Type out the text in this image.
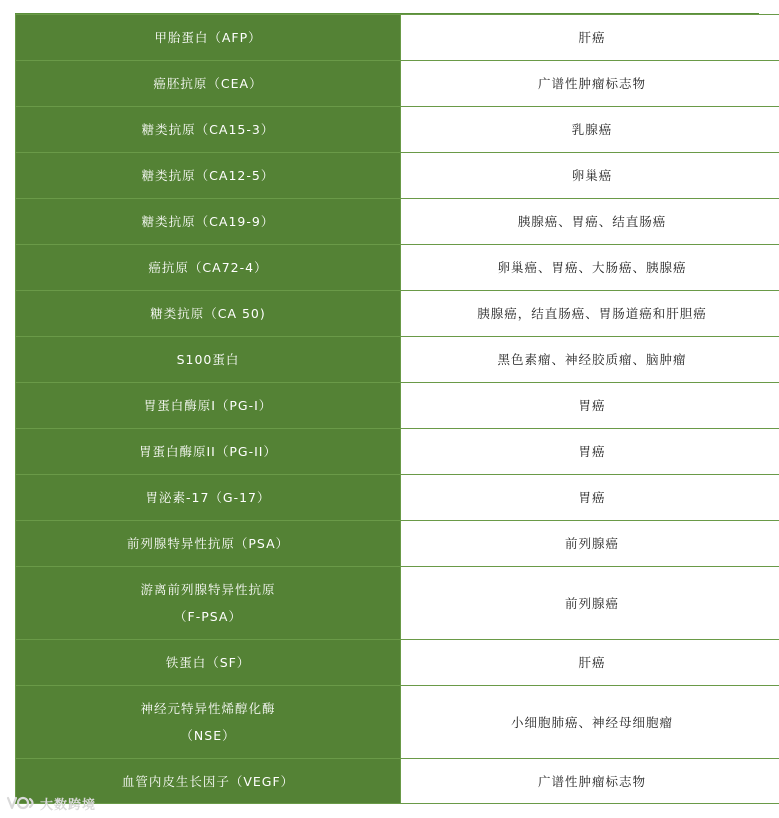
甲胎蛋白（AFP）	肝癌
癌胚抗原（CEA）	广谱性肿瘤标志物
糖类抗原（CA15-3）	乳腺癌
糖类抗原（CA12-5）	卵巢癌
糖类抗原（CA19-9）	胰腺癌、胃癌、结直肠癌
癌抗原（CA72-4）	卵巢癌、胃癌、大肠癌、胰腺癌
糖类抗原（CA 50)	胰腺癌，结直肠癌、胃肠道癌和肝胆癌
S100蛋白	黑色素瘤、神经胶质瘤、脑肿瘤
胃蛋白酶原I（PG-I）	胃癌
胃蛋白酶原II（PG-II）	胃癌
胃泌素-17（G-17）	胃癌
前列腺特异性抗原（PSA）	前列腺癌

游离前列腺特异性抗原
（F-PSA）	前列腺癌
铁蛋白（SF）	肝癌

神经元特异性烯醇化酶
（NSE）	小细胞肺癌、神经母细胞瘤
血管内皮生长因子（VEGF）	广谱性肿瘤标志物
大数跨境
